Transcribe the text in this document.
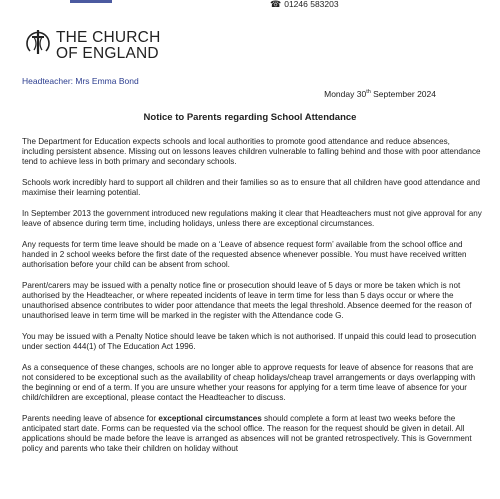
☎ 01246 583203
THE CHURCH
OF ENGLAND
Headteacher: Mrs Emma Bond
Monday 30th September 2024
Notice to Parents regarding School Attendance

The Department for Education expects schools and local authorities to promote good attendance and reduce absences, including persistent absence. Missing out on lessons leaves children vulnerable to falling behind and those with poor attendance tend to achieve less in both primary and secondary schools.

Schools work incredibly hard to support all children and their families so as to ensure that all children have good attendance and maximise their learning potential.

In September 2013 the government introduced new regulations making it clear that Headteachers must not give approval for any leave of absence during term time, including holidays, unless there are exceptional circumstances.

Any requests for term time leave should be made on a ‘Leave of absence request form’ available from the school office and handed in 2 school weeks before the first date of the requested absence whenever possible. You must have received written authorisation before your child can be absent from school.

Parent/carers may be issued with a penalty notice fine or prosecution should leave of 5 days or more be taken which is not authorised by the Headteacher, or where repeated incidents of leave in term time for less than 5 days occur or where the unauthorised absence contributes to wider poor attendance that meets the legal threshold. Absence deemed for the reason of unauthorised leave in term time will be marked in the register with the Attendance code G.

You may be issued with a Penalty Notice should leave be taken which is not authorised. If unpaid this could lead to prosecution under section 444(1) of The Education Act 1996.

As a consequence of these changes, schools are no longer able to approve requests for leave of absence for reasons that are not considered to be exceptional such as the availability of cheap holidays/cheap travel arrangements or days overlapping with the beginning or end of a term. If you are unsure whether your reasons for applying for a term time leave of absence for your child/children are exceptional, please contact the Headteacher to discuss.

Parents needing leave of absence for exceptional circumstances should complete a form at least two weeks before the anticipated start date. Forms can be requested via the school office. The reason for the request should be given in detail. All applications should be made before the leave is arranged as absences will not be granted retrospectively. This is Government policy and parents who take their children on holiday without
